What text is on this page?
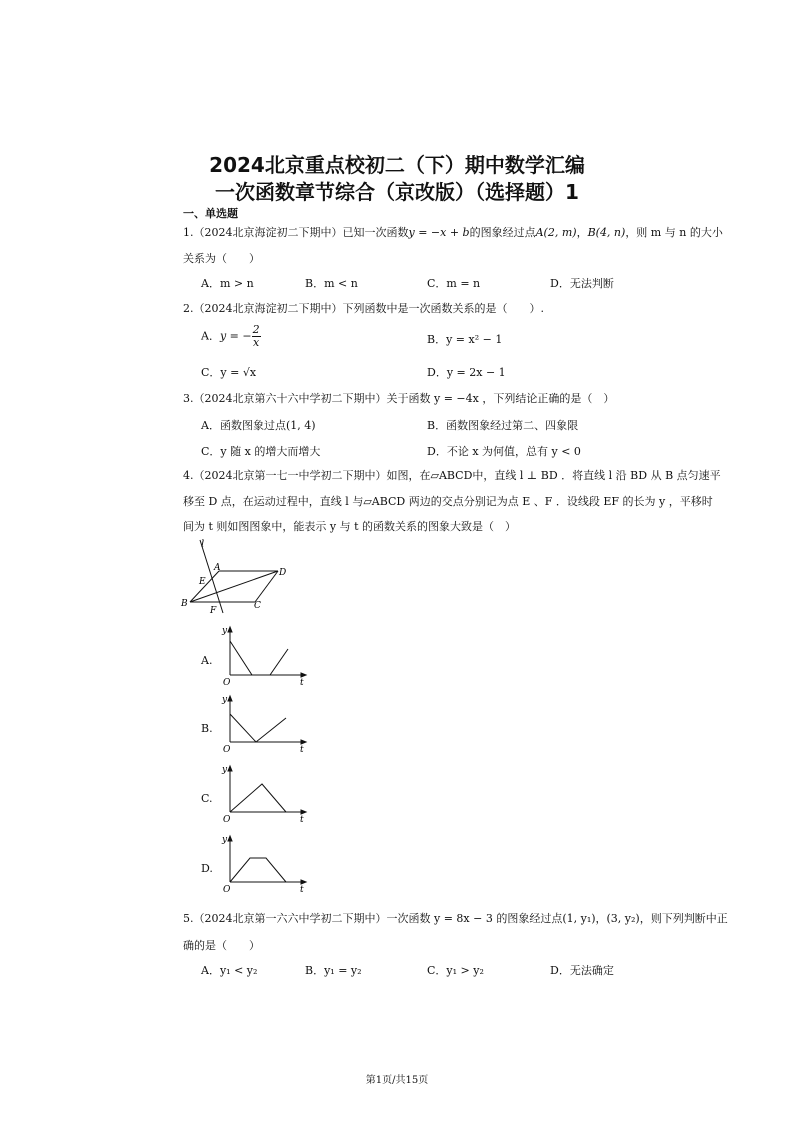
2024北京重点校初二（下）期中数学汇编
一次函数章节综合（京改版）（选择题）1
一、单选题
1.（2024北京海淀初二下期中）已知一次函数y = −x + b的图象经过点A(2, m)，B(4, n)，则 m 与 n 的大小
关系为（　　）
A．m > n	B．m < n	C．m = n	D．无法判断
2.（2024北京海淀初二下期中）下列函数中是一次函数关系的是（　　）.
A．y = − $\frac{2}{x}$	B．y = x² − 1
C．y = √x	D．y = 2x − 1
3.（2024北京第六十六中学初二下期中）关于函数 y = −4x ，下列结论正确的是（　）
A．函数图象过点(1, 4)	B．函数图象经过第二、四象限
C．y 随 x 的增大而增大	D．不论 x 为何值，总有 y < 0
4.（2024北京第一七一中学初二下期中）如图，在▱ABCD中，直线 l ⊥ BD ．将直线 l 沿 BD 从 B 点匀速平
移至 D 点，在运动过程中，直线 l 与▱ABCD 两边的交点分别记为点 E 、F ．设线段 EF 的长为 y ，平移时
间为 t 则如图图象中，能表示 y 与 t 的函数关系的图象大致是（　）
l
A	D
B	C
E
F
A.
y
O	t
B.
y
O	t
C.
y
O	t
D.
y
O	t
5.（2024北京第一六六中学初二下期中）一次函数 y = 8x − 3 的图象经过点(1, y₁)，(3, y₂)，则下列判断中正
确的是（　　）
A．y₁ < y₂	B．y₁ = y₂	C．y₁ > y₂	D．无法确定
第1页/共15页
